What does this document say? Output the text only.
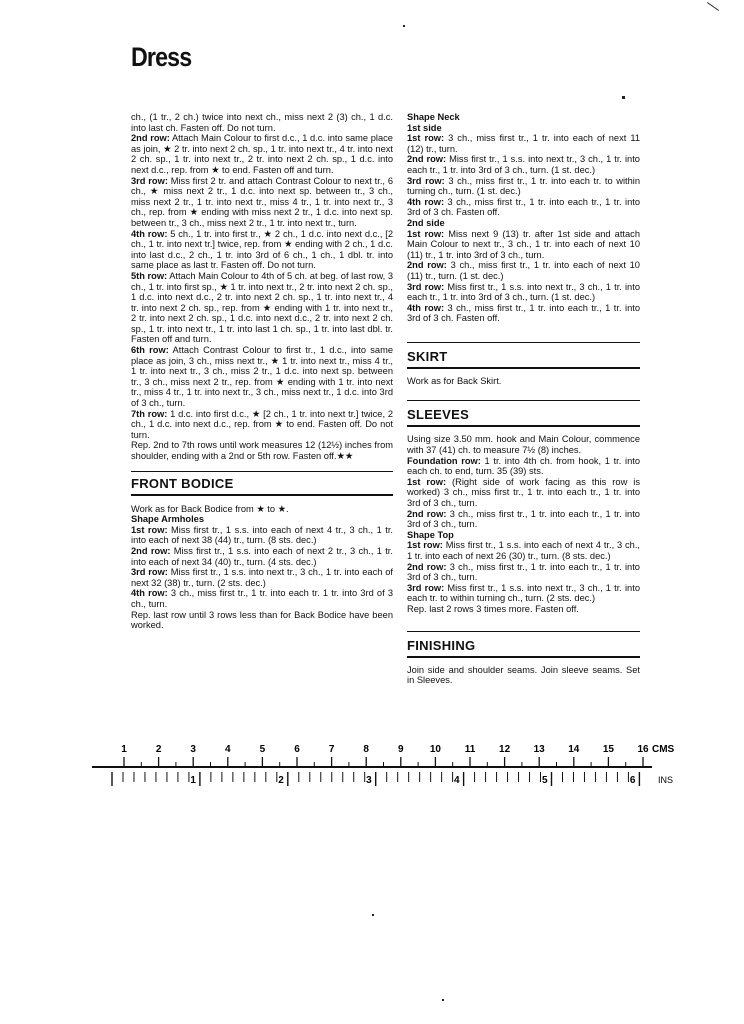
Dress

ch., (1 tr., 2 ch.) twice into next ch., miss next 2 (3) ch., 1 d.c. into last ch. Fasten off. Do not turn.

2nd row: Attach Main Colour to first d.c., 1 d.c. into same place as join, ★ 2 tr. into next 2 ch. sp., 1 tr. into next tr., 4 tr. into next 2 ch. sp., 1 tr. into next tr., 2 tr. into next 2 ch. sp., 1 d.c. into next d.c., rep. from ★ to end. Fasten off and turn.

3rd row: Miss first 2 tr. and attach Contrast Colour to next tr., 6 ch., ★ miss next 2 tr., 1 d.c. into next sp. between tr., 3 ch., miss next 2 tr., 1 tr. into next tr., miss 4 tr., 1 tr. into next tr., 3 ch., rep. from ★ ending with miss next 2 tr., 1 d.c. into next sp. between tr., 3 ch., miss next 2 tr., 1 tr. into next tr., turn.

4th row: 5 ch., 1 tr. into first tr., ★ 2 ch., 1 d.c. into next d.c., [2 ch., 1 tr. into next tr.] twice, rep. from ★ ending with 2 ch., 1 d.c. into last d.c., 2 ch., 1 tr. into 3rd of 6 ch., 1 ch., 1 dbl. tr. into same place as last tr. Fasten off. Do not turn.

5th row: Attach Main Colour to 4th of 5 ch. at beg. of last row, 3 ch., 1 tr. into first sp., ★ 1 tr. into next tr., 2 tr. into next 2 ch. sp., 1 d.c. into next d.c., 2 tr. into next 2 ch. sp., 1 tr. into next tr., 4 tr. into next 2 ch. sp., rep. from ★ ending with 1 tr. into next tr., 2 tr. into next 2 ch. sp., 1 d.c. into next d.c., 2 tr. into next 2 ch. sp., 1 tr. into next tr., 1 tr. into last 1 ch. sp., 1 tr. into last dbl. tr. Fasten off and turn.

6th row: Attach Contrast Colour to first tr., 1 d.c., into same place as join, 3 ch., miss next tr., ★ 1 tr. into next tr., miss 4 tr., 1 tr. into next tr., 3 ch., miss 2 tr., 1 d.c. into next sp. between tr., 3 ch., miss next 2 tr., rep. from ★ ending with 1 tr. into next tr., miss 4 tr., 1 tr. into next tr., 3 ch., miss next tr., 1 d.c. into 3rd of 3 ch., turn.

7th row: 1 d.c. into first d.c., ★ [2 ch., 1 tr. into next tr.] twice, 2 ch., 1 d.c. into next d.c., rep. from ★ to end. Fasten off. Do not turn.

Rep. 2nd to 7th rows until work measures 12 (12½) inches from shoulder, ending with a 2nd or 5th row. Fasten off.★★

FRONT BODICE

Work as for Back Bodice from ★ to ★.

Shape Armholes

1st row: Miss first tr., 1 s.s. into each of next 4 tr., 3 ch., 1 tr. into each of next 38 (44) tr., turn. (8 sts. dec.)

2nd row: Miss first tr., 1 s.s. into each of next 2 tr., 3 ch., 1 tr. into each of next 34 (40) tr., turn. (4 sts. dec.)

3rd row: Miss first tr., 1 s.s. into next tr., 3 ch., 1 tr. into each of next 32 (38) tr., turn. (2 sts. dec.)

4th row: 3 ch., miss first tr., 1 tr. into each tr. 1 tr. into 3rd of 3 ch., turn.

Rep. last row until 3 rows less than for Back Bodice have been worked.

Shape Neck

1st side

1st row: 3 ch., miss first tr., 1 tr. into each of next 11 (12) tr., turn.

2nd row: Miss first tr., 1 s.s. into next tr., 3 ch., 1 tr. into each tr., 1 tr. into 3rd of 3 ch., turn. (1 st. dec.)

3rd row: 3 ch., miss first tr., 1 tr. into each tr. to within turning ch., turn. (1 st. dec.)

4th row: 3 ch., miss first tr., 1 tr. into each tr., 1 tr. into 3rd of 3 ch. Fasten off.

2nd side

1st row: Miss next 9 (13) tr. after 1st side and attach Main Colour to next tr., 3 ch., 1 tr. into each of next 10 (11) tr., 1 tr. into 3rd of 3 ch., turn.

2nd row: 3 ch., miss first tr., 1 tr. into each of next 10 (11) tr., turn. (1 st. dec.)

3rd row: Miss first tr., 1 s.s. into next tr., 3 ch., 1 tr. into each tr., 1 tr. into 3rd of 3 ch., turn. (1 st. dec.)

4th row: 3 ch., miss first tr., 1 tr. into each tr., 1 tr. into 3rd of 3 ch. Fasten off.

SKIRT

Work as for Back Skirt.

SLEEVES

Using size 3.50 mm. hook and Main Colour, commence with 37 (41) ch. to measure 7½ (8) inches.

Foundation row: 1 tr. into 4th ch. from hook, 1 tr. into each ch. to end, turn. 35 (39) sts.

1st row: (Right side of work facing as this row is worked) 3 ch., miss first tr., 1 tr. into each tr., 1 tr. into 3rd of 3 ch., turn.

2nd row: 3 ch., miss first tr., 1 tr. into each tr., 1 tr. into 3rd of 3 ch., turn.

Shape Top

1st row: Miss first tr., 1 s.s. into each of next 4 tr., 3 ch., 1 tr. into each of next 26 (30) tr., turn. (8 sts. dec.)

2nd row: 3 ch., miss first tr., 1 tr. into each tr., 1 tr. into 3rd of 3 ch., turn.

3rd row: Miss first tr., 1 s.s. into next tr., 3 ch., 1 tr. into each tr. to within turning ch., turn. (2 sts. dec.)

Rep. last 2 rows 3 times more. Fasten off.

FINISHING

Join side and shoulder seams. Join sleeve seams. Set in Sleeves.

CMS
INS
1	2	3	4	5	6	7	8	9	10 11 12 13 14 15 16
1	2	3	4	5	6
